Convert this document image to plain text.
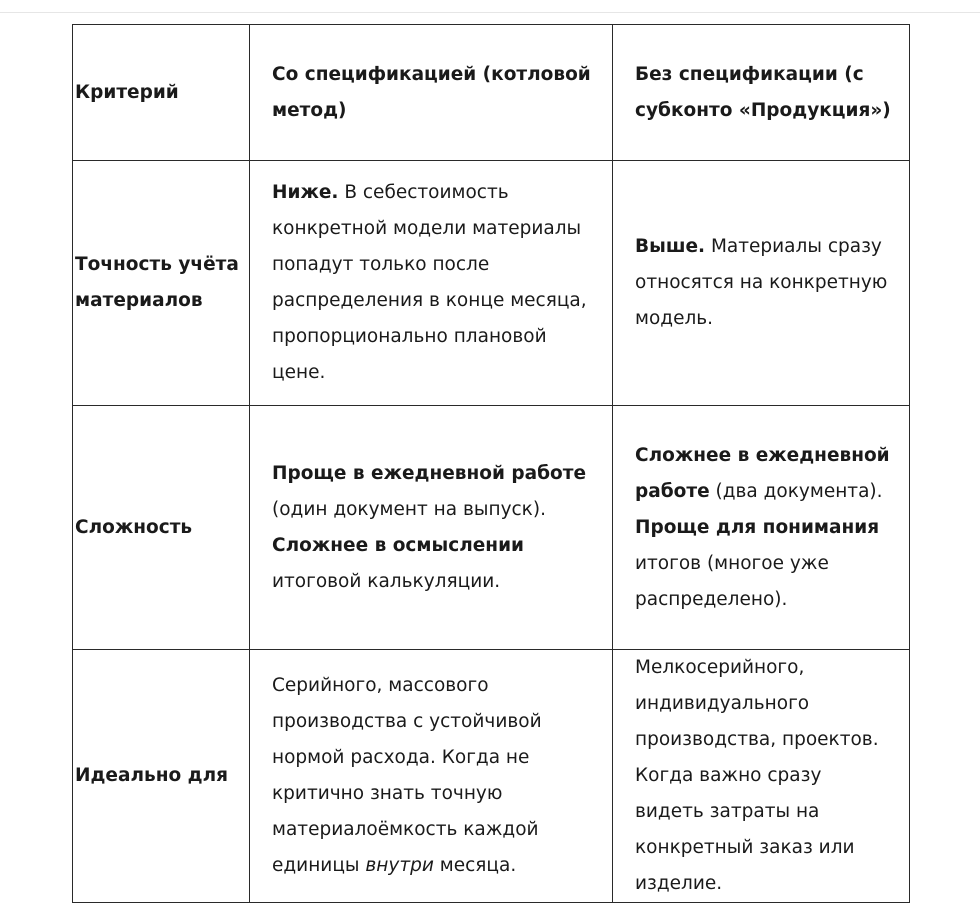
Критерий	Со спецификацией (котловой метод)	Без спецификации (с субконто «Продукция»)
Точность учёта материалов	Ниже. В себестоимость конкретной модели материалы попадут только после распределения в конце месяца, пропорционально плановой цене.	Выше. Материалы сразу относятся на конкретную модель.
Сложность	Проще в ежедневной работе (один документ на выпуск). Сложнее в осмыслении итоговой калькуляции.	Сложнее в ежедневной работе (два документа). Проще для понимания итогов (многое уже распределено).
Идеально для	Серийного, массового производства с устойчивой нормой расхода. Когда не критично знать точную материалоёмкость каждой единицы внутри месяца.	Мелкосерийного, индивидуального производства, проектов. Когда важно сразу видеть затраты на конкретный заказ или изделие.
